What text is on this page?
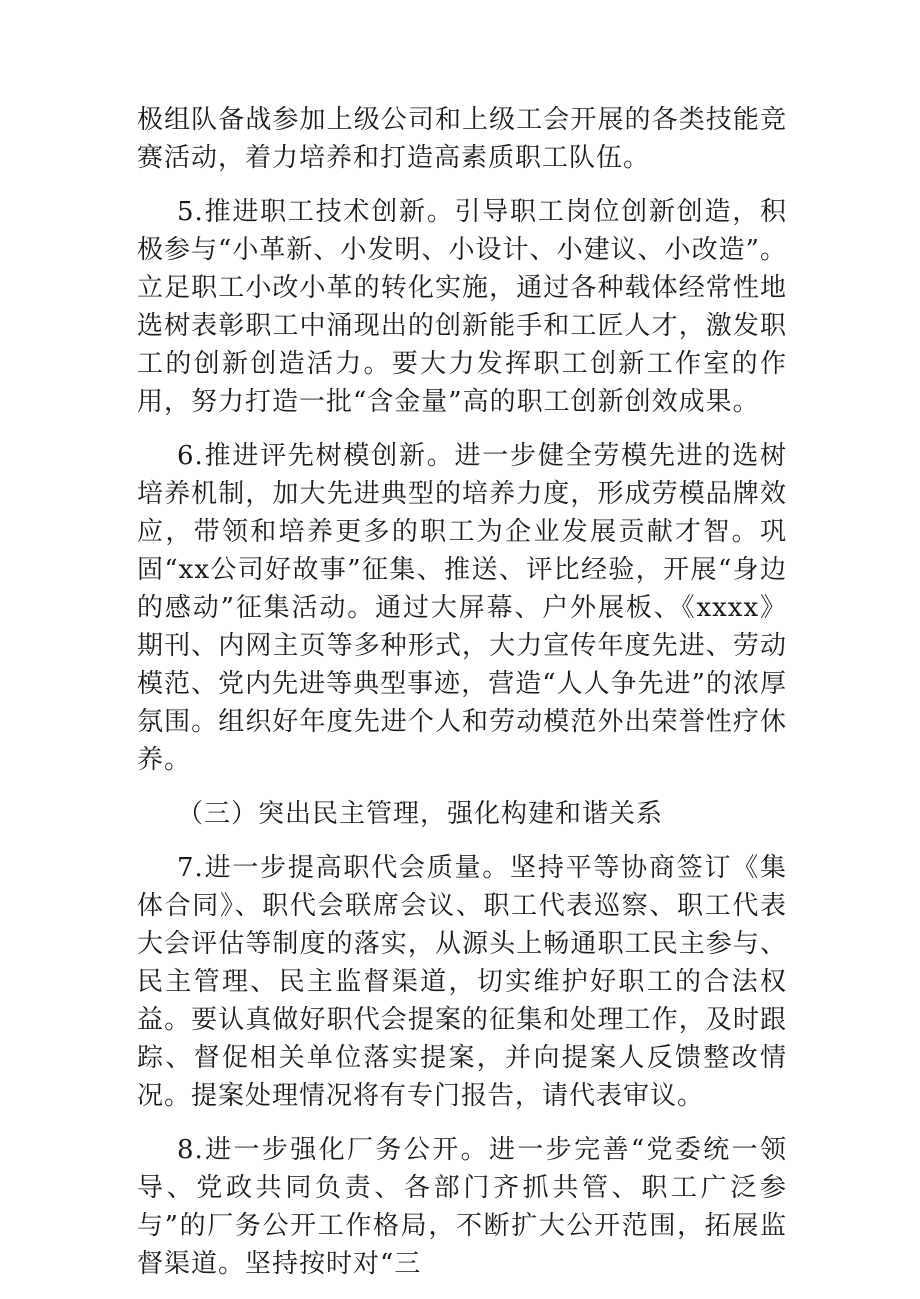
极组队备战参加上级公司和上级工会开展的各类技能竞赛活动，着力培养和打造高素质职工队伍。

5.推进职工技术创新。引导职工岗位创新创造，积极参与“小革新、小发明、小设计、小建议、小改造”。立足职工小改小革的转化实施，通过各种载体经常性地选树表彰职工中涌现出的创新能手和工匠人才，激发职工的创新创造活力。要大力发挥职工创新工作室的作用，努力打造一批“含金量”高的职工创新创效成果。

6.推进评先树模创新。进一步健全劳模先进的选树培养机制，加大先进典型的培养力度，形成劳模品牌效应，带领和培养更多的职工为企业发展贡献才智。巩固“xx公司好故事”征集、推送、评比经验，开展“身边的感动”征集活动。通过大屏幕、户外展板、《xxxx》期刊、内网主页等多种形式，大力宣传年度先进、劳动模范、党内先进等典型事迹，营造“人人争先进”的浓厚氛围。组织好年度先进个人和劳动模范外出荣誉性疗休养。

（三）突出民主管理，强化构建和谐关系

7.进一步提高职代会质量。坚持平等协商签订《集体合同》、职代会联席会议、职工代表巡察、职工代表大会评估等制度的落实，从源头上畅通职工民主参与、民主管理、民主监督渠道，切实维护好职工的合法权益。要认真做好职代会提案的征集和处理工作，及时跟踪、督促相关单位落实提案，并向提案人反馈整改情况。提案处理情况将有专门报告，请代表审议。

8.进一步强化厂务公开。进一步完善“党委统一领导、党政共同负责、各部门齐抓共管、职工广泛参与”的厂务公开工作格局，不断扩大公开范围，拓展监督渠道。坚持按时对“三
